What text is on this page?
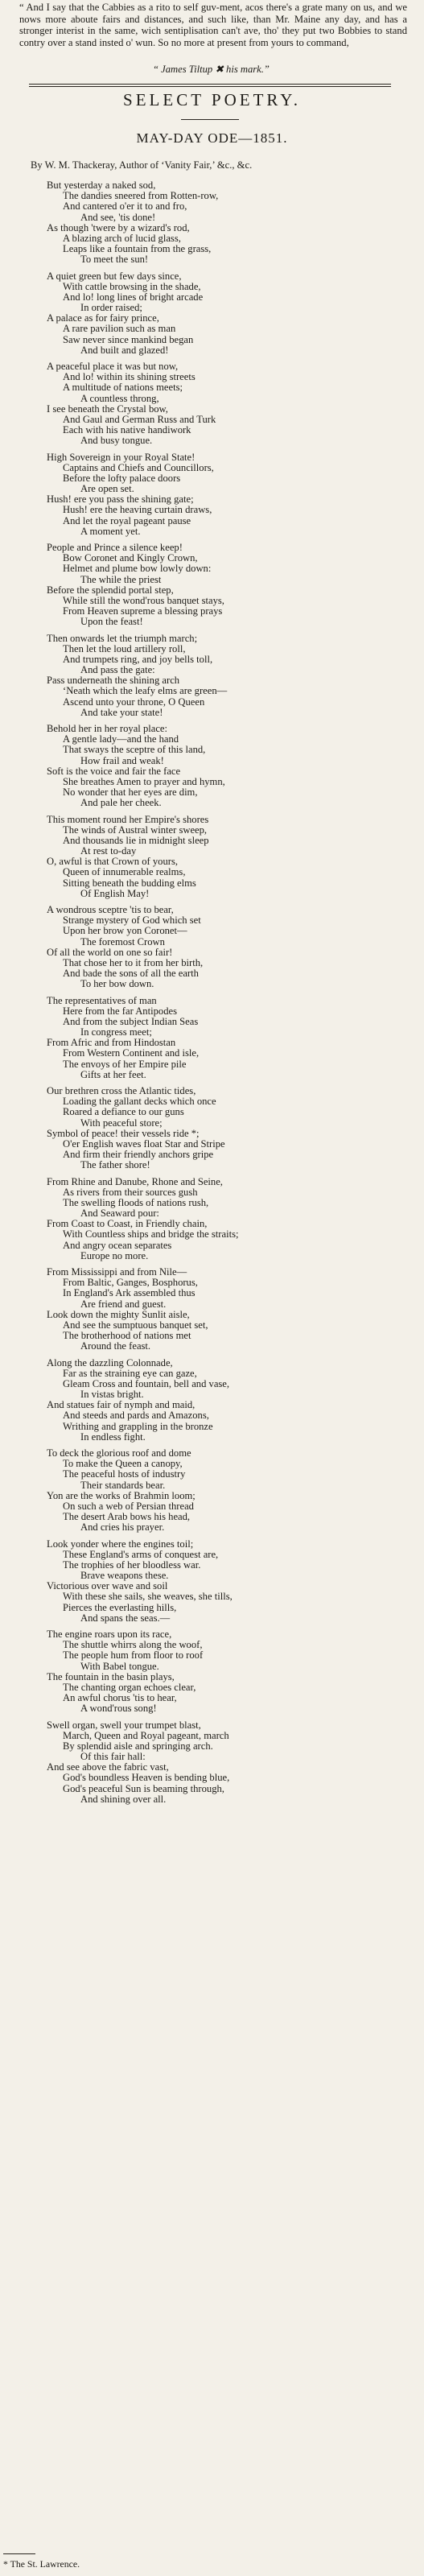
“ And I say that the Cabbies as a rito to self guv-ment, acos there's a grate many on us, and we nows more aboute fairs and distances, and such like, than Mr. Maine any day, and has a stronger interist in the same, wich sentiplisation can't ave, tho' they put two Bobbies to stand contry over a stand insted o' wun. So no more at present from yours to command,

“ James Tiltup ✖ his mark.”
SELECT POETRY.
MAY-DAY ODE—1851.
By W. M. Thackeray, Author of ‘Vanity Fair,’ &c., &c.
But yesterday a naked sod,
The dandies sneered from Rotten-row,
And cantered o'er it to and fro,
And see, 'tis done!
As though 'twere by a wizard's rod,
A blazing arch of lucid glass,
Leaps like a fountain from the grass,
To meet the sun!
A quiet green but few days since,
With cattle browsing in the shade,
And lo! long lines of bright arcade
In order raised;
A palace as for fairy prince,
A rare pavilion such as man
Saw never since mankind began
And built and glazed!
A peaceful place it was but now,
And lo! within its shining streets
A multitude of nations meets;
A countless throng,
I see beneath the Crystal bow,
And Gaul and German Russ and Turk
Each with his native handiwork
And busy tongue.
High Sovereign in your Royal State!
Captains and Chiefs and Councillors,
Before the lofty palace doors
Are open set.
Hush! ere you pass the shining gate;
Hush! ere the heaving curtain draws,
And let the royal pageant pause
A moment yet.
People and Prince a silence keep!
Bow Coronet and Kingly Crown,
Helmet and plume bow lowly down:
The while the priest
Before the splendid portal step,
While still the wond'rous banquet stays,
From Heaven supreme a blessing prays
Upon the feast!
Then onwards let the triumph march;
Then let the loud artillery roll,
And trumpets ring, and joy bells toll,
And pass the gate:
Pass underneath the shining arch
‘Neath which the leafy elms are green—
Ascend unto your throne, O Queen
And take your state!
Behold her in her royal place:
A gentle lady—and the hand
That sways the sceptre of this land,
How frail and weak!
Soft is the voice and fair the face
She breathes Amen to prayer and hymn,
No wonder that her eyes are dim,
And pale her cheek.
This moment round her Empire's shores
The winds of Austral winter sweep,
And thousands lie in midnight sleep
At rest to-day
O, awful is that Crown of yours,
Queen of innumerable realms,
Sitting beneath the budding elms
Of English May!
A wondrous sceptre 'tis to bear,
Strange mystery of God which set
Upon her brow yon Coronet—
The foremost Crown
Of all the world on one so fair!
That chose her to it from her birth,
And bade the sons of all the earth
To her bow down.
The representatives of man
Here from the far Antipodes
And from the subject Indian Seas
In congress meet;
From Afric and from Hindostan
From Western Continent and isle,
The envoys of her Empire pile
Gifts at her feet.
Our brethren cross the Atlantic tides,
Loading the gallant decks which once
Roared a defiance to our guns
With peaceful store;
Symbol of peace! their vessels ride *;
O'er English waves float Star and Stripe
And firm their friendly anchors gripe
The father shore!
From Rhine and Danube, Rhone and Seine,
As rivers from their sources gush
The swelling floods of nations rush,
And Seaward pour:
From Coast to Coast, in Friendly chain,
With Countless ships and bridge the straits;
And angry ocean separates
Europe no more.
From Mississippi and from Nile—
From Baltic, Ganges, Bosphorus,
In England's Ark assembled thus
Are friend and guest.
Look down the mighty Sunlit aisle,
And see the sumptuous banquet set,
The brotherhood of nations met
Around the feast.
Along the dazzling Colonnade,
Far as the straining eye can gaze,
Gleam Cross and fountain, bell and vase,
In vistas bright.
And statues fair of nymph and maid,
And steeds and pards and Amazons,
Writhing and grappling in the bronze
In endless fight.
To deck the glorious roof and dome
To make the Queen a canopy,
The peaceful hosts of industry
Their standards bear.
Yon are the works of Brahmin loom;
On such a web of Persian thread
The desert Arab bows his head,
And cries his prayer.
Look yonder where the engines toil;
These England's arms of conquest are,
The trophies of her bloodless war.
Brave weapons these.
Victorious over wave and soil
With these she sails, she weaves, she tills,
Pierces the everlasting hills,
And spans the seas.—
The engine roars upon its race,
The shuttle whirrs along the woof,
The people hum from floor to roof
With Babel tongue.
The fountain in the basin plays,
The chanting organ echoes clear,
An awful chorus 'tis to hear,
A wond'rous song!
Swell organ, swell your trumpet blast,
March, Queen and Royal pageant, march
By splendid aisle and springing arch.
Of this fair hall:
And see above the fabric vast,
God's boundless Heaven is bending blue,
God's peaceful Sun is beaming through,
And shining over all.
* The St. Lawrence.
